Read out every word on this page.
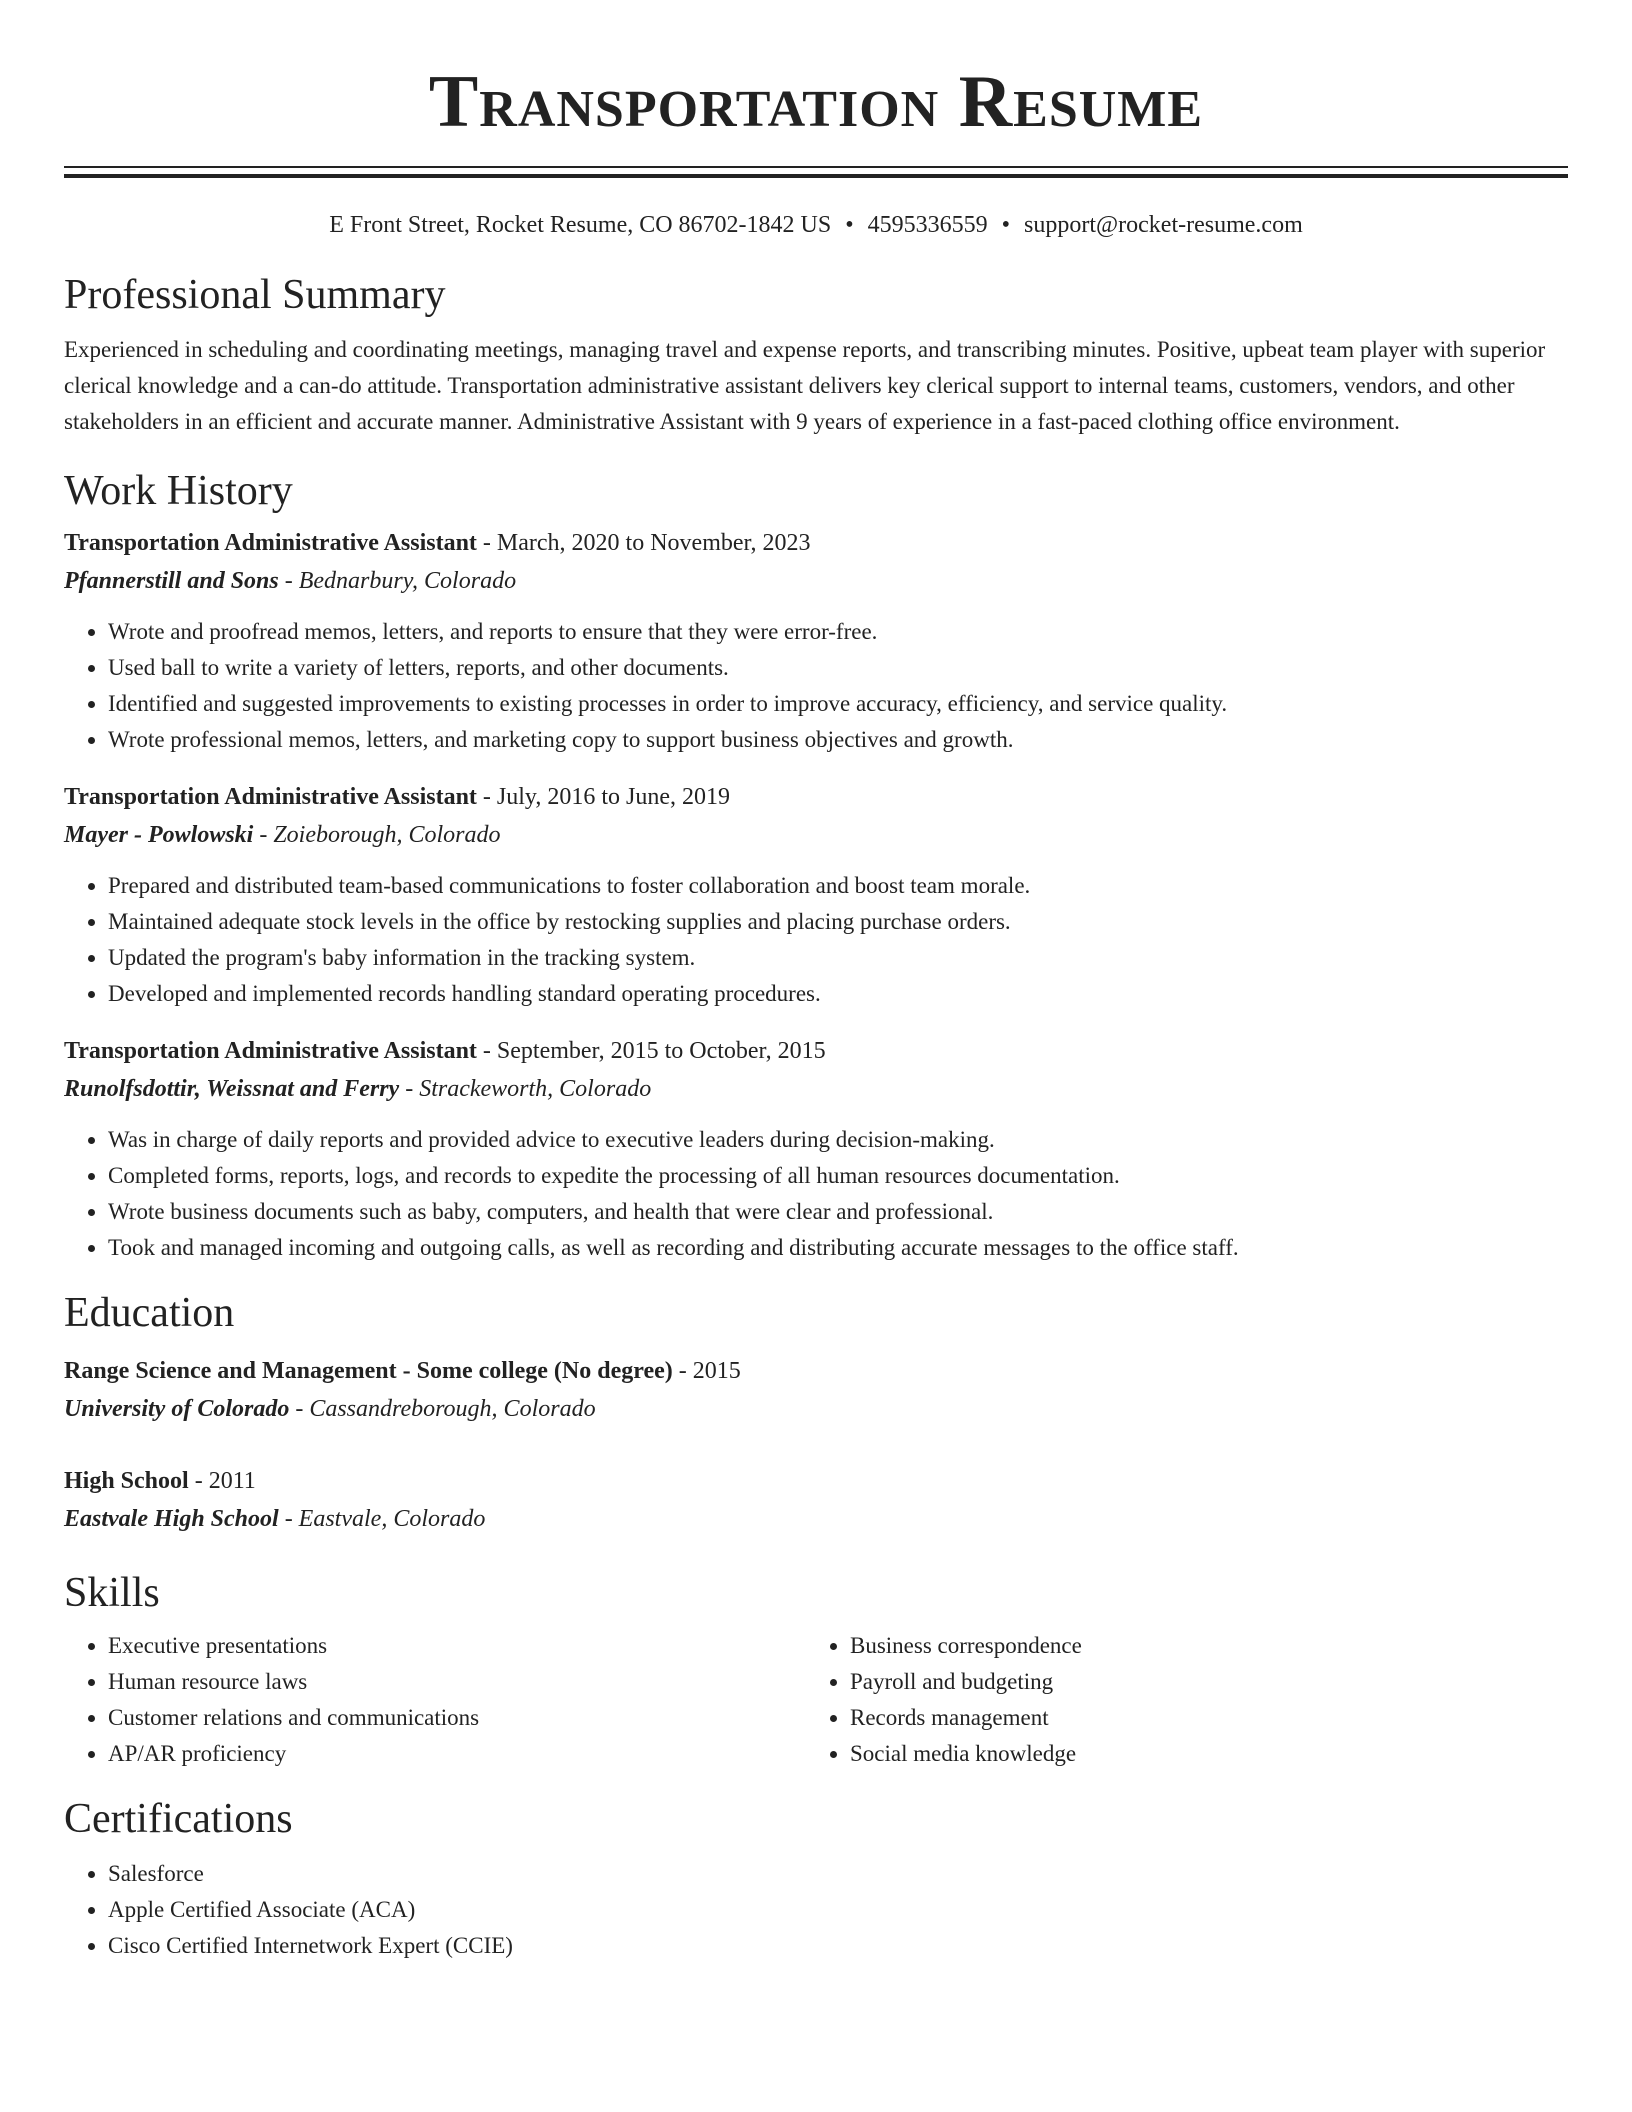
Transportation Resume
E Front Street, Rocket Resume, CO 86702-1842 US • 4595336559 • support@rocket-resume.com
Professional Summary

Experienced in scheduling and coordinating meetings, managing travel and expense reports, and transcribing minutes. Positive, upbeat team player with superior clerical knowledge and a can-do attitude. Transportation administrative assistant delivers key clerical support to internal teams, customers, vendors, and other stakeholders in an efficient and accurate manner. Administrative Assistant with 9 years of experience in a fast-paced clothing office environment.

Work History
Transportation Administrative Assistant - March, 2020 to November, 2023
Pfannerstill and Sons - Bednarbury, Colorado
• Wrote and proofread memos, letters, and reports to ensure that they were error-free.
• Used ball to write a variety of letters, reports, and other documents.
• Identified and suggested improvements to existing processes in order to improve accuracy, efficiency, and service quality.
• Wrote professional memos, letters, and marketing copy to support business objectives and growth.
Transportation Administrative Assistant - July, 2016 to June, 2019
Mayer - Powlowski - Zoieborough, Colorado
• Prepared and distributed team-based communications to foster collaboration and boost team morale.
• Maintained adequate stock levels in the office by restocking supplies and placing purchase orders.
• Updated the program's baby information in the tracking system.
• Developed and implemented records handling standard operating procedures.
Transportation Administrative Assistant - September, 2015 to October, 2015
Runolfsdottir, Weissnat and Ferry - Strackeworth, Colorado
• Was in charge of daily reports and provided advice to executive leaders during decision-making.
• Completed forms, reports, logs, and records to expedite the processing of all human resources documentation.
• Wrote business documents such as baby, computers, and health that were clear and professional.
• Took and managed incoming and outgoing calls, as well as recording and distributing accurate messages to the office staff.
Education
Range Science and Management - Some college (No degree) - 2015
University of Colorado - Cassandreborough, Colorado
High School - 2011
Eastvale High School - Eastvale, Colorado
Skills
• Executive presentations
• Human resource laws
• Customer relations and communications
• AP/AR proficiency
• Business correspondence
• Payroll and budgeting
• Records management
• Social media knowledge
Certifications
• Salesforce
• Apple Certified Associate (ACA)
• Cisco Certified Internetwork Expert (CCIE)
